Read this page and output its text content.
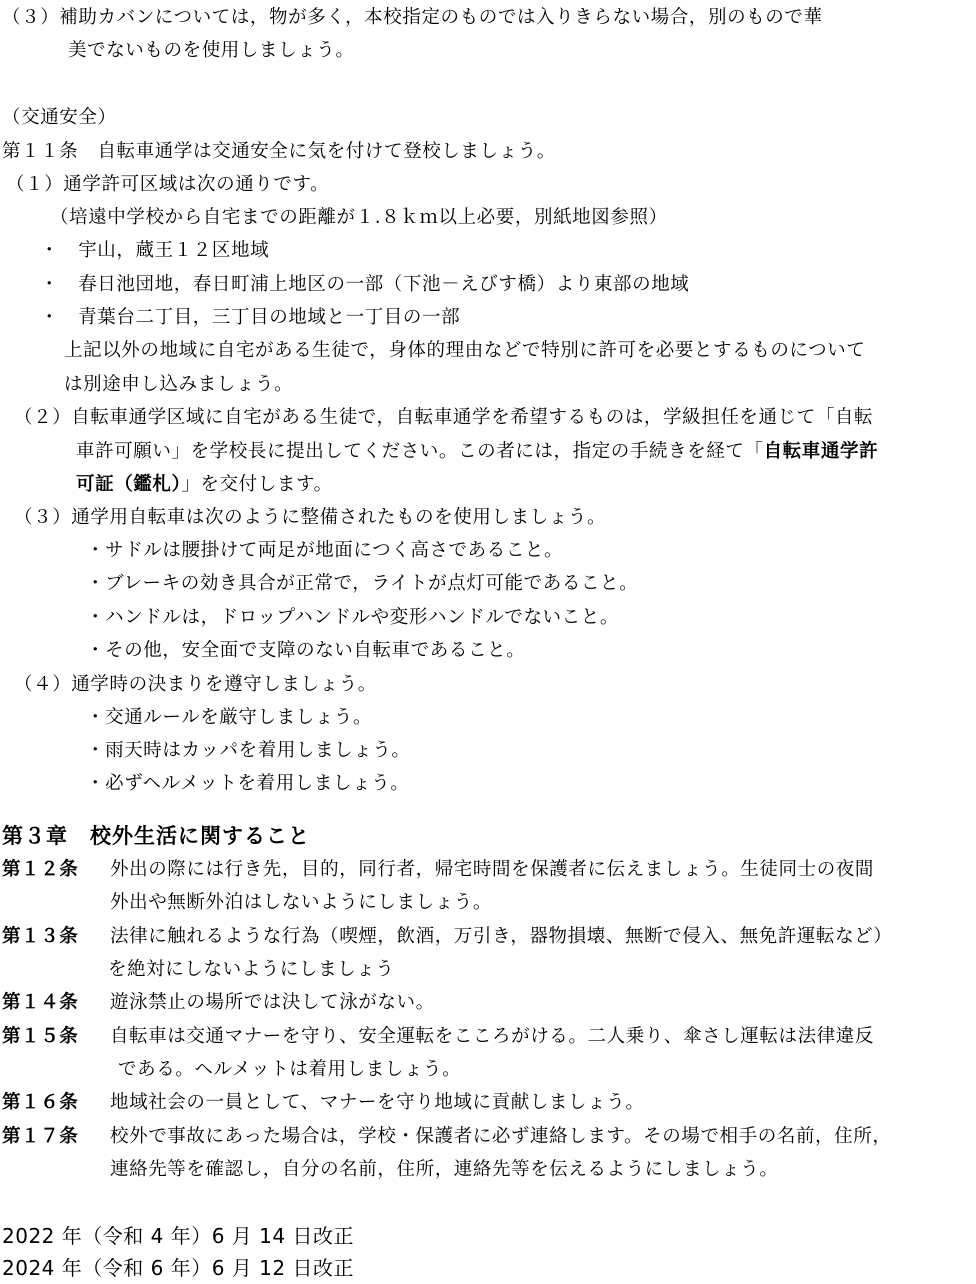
（３）補助カバンについては，物が多く，本校指定のものでは入りきらない場合，別のもので華
美でないものを使用しましょう。
（交通安全）
第１１条　自転車通学は交通安全に気を付けて登校しましょう。
（１）通学許可区域は次の通りです。
（培遠中学校から自宅までの距離が１.８ｋｍ以上必要，別紙地図参照）
・　宇山，蔵王１２区地域
・　春日池団地，春日町浦上地区の一部（下池－えびす橋）より東部の地域
・　青葉台二丁目，三丁目の地域と一丁目の一部
上記以外の地域に自宅がある生徒で，身体的理由などで特別に許可を必要とするものについて
は別途申し込みましょう。
（２）自転車通学区域に自宅がある生徒で，自転車通学を希望するものは，学級担任を通じて「自転
車許可願い」を学校長に提出してください。この者には，指定の手続きを経て「自転車通学許
可証（鑑札）」を交付します。
（３）通学用自転車は次のように整備されたものを使用しましょう。
・サドルは腰掛けて両足が地面につく高さであること。
・ブレーキの効き具合が正常で，ライトが点灯可能であること。
・ハンドルは，ドロップハンドルや変形ハンドルでないこと。
・その他，安全面で支障のない自転車であること。
（４）通学時の決まりを遵守しましょう。
・交通ルールを厳守しましょう。
・雨天時はカッパを着用しましょう。
・必ずヘルメットを着用しましょう。
第３章　校外生活に関すること
第１２条 外出の際には行き先，目的，同行者，帰宅時間を保護者に伝えましょう。生徒同士の夜間
外出や無断外泊はしないようにしましょう。
第１３条 法律に触れるような行為（喫煙，飲酒，万引き，器物損壊、無断で侵入、無免許運転など）
を絶対にしないようにしましょう
第１４条 遊泳禁止の場所では決して泳がない。
第１５条 自転車は交通マナーを守り、安全運転をこころがける。二人乗り、傘さし運転は法律違反
である。ヘルメットは着用しましょう。
第１６条 地域社会の一員として、マナーを守り地域に貢献しましょう。
第１７条 校外で事故にあった場合は，学校・保護者に必ず連絡します。その場で相手の名前，住所，
連絡先等を確認し，自分の名前，住所，連絡先等を伝えるようにしましょう。
2022 年（令和 4 年）6 月 14 日改正
2024 年（令和 6 年）6 月 12 日改正
